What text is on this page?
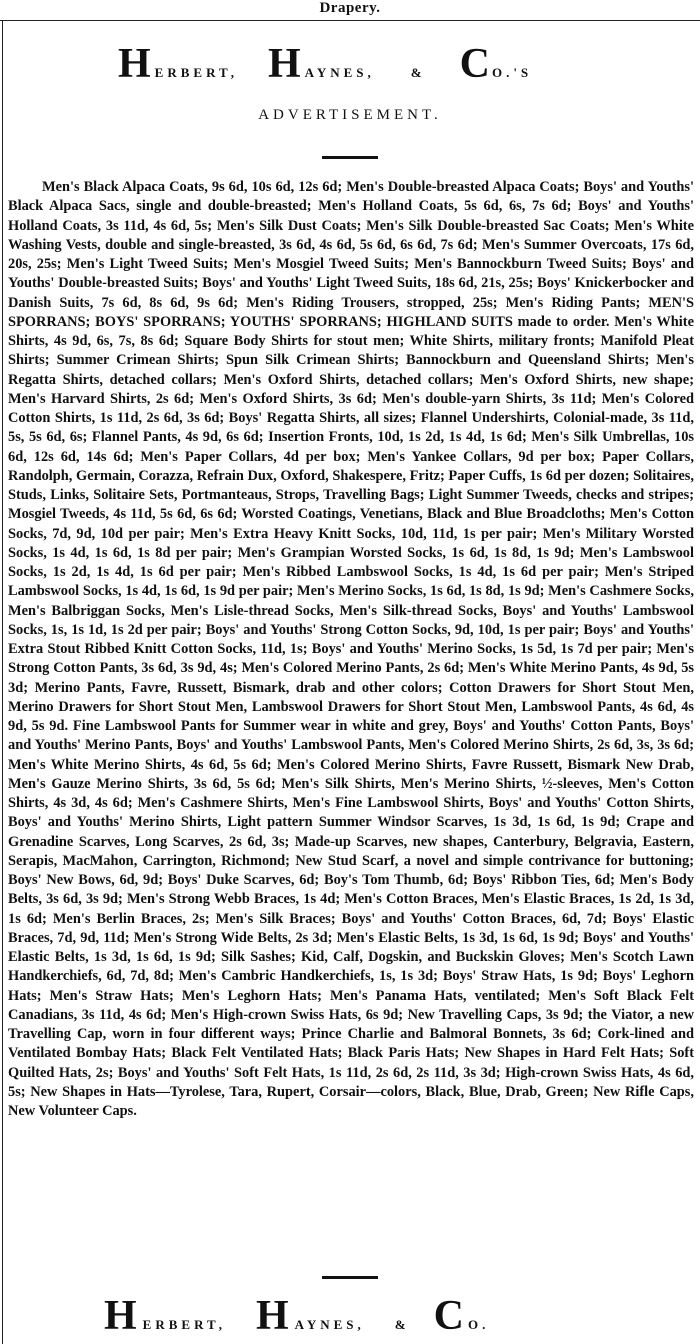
Drapery.
H ERBERT, H AYNES,	& C O.'S
ADVERTISEMENT.
Men's Black Alpaca Coats, 9s 6d, 10s 6d, 12s 6d; Men's Double-breasted Alpaca Coats; Boys' and Youths' Black Alpaca Sacs, single and double-breasted; Men's Holland Coats, 5s 6d, 6s, 7s 6d; Boys' and Youths' Holland Coats, 3s 11d, 4s 6d, 5s; Men's Silk Dust Coats; Men's Silk Double-breasted Sac Coats; Men's White Washing Vests, double and single-breasted, 3s 6d, 4s 6d, 5s 6d, 6s 6d, 7s 6d; Men's Summer Overcoats, 17s 6d, 20s, 25s; Men's Light Tweed Suits; Men's Mosgiel Tweed Suits; Men's Bannockburn Tweed Suits; Boys' and Youths' Double-breasted Suits; Boys' and Youths' Light Tweed Suits, 18s 6d, 21s, 25s; Boys' Knickerbocker and Danish Suits, 7s 6d, 8s 6d, 9s 6d; Men's Riding Trousers, stropped, 25s; Men's Riding Pants; MEN'S SPORRANS; BOYS' SPORRANS; YOUTHS' SPORRANS; HIGHLAND SUITS made to order. Men's White Shirts, 4s 9d, 6s, 7s, 8s 6d; Square Body Shirts for stout men; White Shirts, military fronts; Manifold Pleat Shirts; Summer Crimean Shirts; Spun Silk Crimean Shirts; Bannockburn and Queensland Shirts; Men's Regatta Shirts, detached collars; Men's Oxford Shirts, detached collars; Men's Oxford Shirts, new shape; Men's Harvard Shirts, 2s 6d; Men's Oxford Shirts, 3s 6d; Men's double-yarn Shirts, 3s 11d; Men's Colored Cotton Shirts, 1s 11d, 2s 6d, 3s 6d; Boys' Regatta Shirts, all sizes; Flannel Undershirts, Colonial-made, 3s 11d, 5s, 5s 6d, 6s; Flannel Pants, 4s 9d, 6s 6d; Insertion Fronts, 10d, 1s 2d, 1s 4d, 1s 6d; Men's Silk Umbrellas, 10s 6d, 12s 6d, 14s 6d; Men's Paper Collars, 4d per box; Men's Yankee Collars, 9d per box; Paper Collars, Randolph, Germain, Corazza, Refrain Dux, Oxford, Shakespere, Fritz; Paper Cuffs, 1s 6d per dozen; Solitaires, Studs, Links, Solitaire Sets, Portmanteaus, Strops, Travelling Bags; Light Summer Tweeds, checks and stripes; Mosgiel Tweeds, 4s 11d, 5s 6d, 6s 6d; Worsted Coatings, Venetians, Black and Blue Broadcloths; Men's Cotton Socks, 7d, 9d, 10d per pair; Men's Extra Heavy Knitt Socks, 10d, 11d, 1s per pair; Men's Military Worsted Socks, 1s 4d, 1s 6d, 1s 8d per pair; Men's Grampian Worsted Socks, 1s 6d, 1s 8d, 1s 9d; Men's Lambswool Socks, 1s 2d, 1s 4d, 1s 6d per pair; Men's Ribbed Lambswool Socks, 1s 4d, 1s 6d per pair; Men's Striped Lambswool Socks, 1s 4d, 1s 6d, 1s 9d per pair; Men's Merino Socks, 1s 6d, 1s 8d, 1s 9d; Men's Cashmere Socks, Men's Balbriggan Socks, Men's Lisle-thread Socks, Men's Silk-thread Socks, Boys' and Youths' Lambswool Socks, 1s, 1s 1d, 1s 2d per pair; Boys' and Youths' Strong Cotton Socks, 9d, 10d, 1s per pair; Boys' and Youths' Extra Stout Ribbed Knitt Cotton Socks, 11d, 1s; Boys' and Youths' Merino Socks, 1s 5d, 1s 7d per pair; Men's Strong Cotton Pants, 3s 6d, 3s 9d, 4s; Men's Colored Merino Pants, 2s 6d; Men's White Merino Pants, 4s 9d, 5s 3d; Merino Pants, Favre, Russett, Bismark, drab and other colors; Cotton Drawers for Short Stout Men, Merino Drawers for Short Stout Men, Lambswool Drawers for Short Stout Men, Lambswool Pants, 4s 6d, 4s 9d, 5s 9d. Fine Lambswool Pants for Summer wear in white and grey, Boys' and Youths' Cotton Pants, Boys' and Youths' Merino Pants, Boys' and Youths' Lambswool Pants, Men's Colored Merino Shirts, 2s 6d, 3s, 3s 6d; Men's White Merino Shirts, 4s 6d, 5s 6d; Men's Colored Merino Shirts, Favre Russett, Bismark New Drab, Men's Gauze Merino Shirts, 3s 6d, 5s 6d; Men's Silk Shirts, Men's Merino Shirts, ½-sleeves, Men's Cotton Shirts, 4s 3d, 4s 6d; Men's Cashmere Shirts, Men's Fine Lambswool Shirts, Boys' and Youths' Cotton Shirts, Boys' and Youths' Merino Shirts, Light pattern Summer Windsor Scarves, 1s 3d, 1s 6d, 1s 9d; Crape and Grenadine Scarves, Long Scarves, 2s 6d, 3s; Made-up Scarves, new shapes, Canterbury, Belgravia, Eastern, Serapis, MacMahon, Carrington, Richmond; New Stud Scarf, a novel and simple contrivance for buttoning; Boys' New Bows, 6d, 9d; Boys' Duke Scarves, 6d; Boy's Tom Thumb, 6d; Boys' Ribbon Ties, 6d; Men's Body Belts, 3s 6d, 3s 9d; Men's Strong Webb Braces, 1s 4d; Men's Cotton Braces, Men's Elastic Braces, 1s 2d, 1s 3d, 1s 6d; Men's Berlin Braces, 2s; Men's Silk Braces; Boys' and Youths' Cotton Braces, 6d, 7d; Boys' Elastic Braces, 7d, 9d, 11d; Men's Strong Wide Belts, 2s 3d; Men's Elastic Belts, 1s 3d, 1s 6d, 1s 9d; Boys' and Youths' Elastic Belts, 1s 3d, 1s 6d, 1s 9d; Silk Sashes; Kid, Calf, Dogskin, and Buckskin Gloves; Men's Scotch Lawn Handkerchiefs, 6d, 7d, 8d; Men's Cambric Handkerchiefs, 1s, 1s 3d; Boys' Straw Hats, 1s 9d; Boys' Leghorn Hats; Men's Straw Hats; Men's Leghorn Hats; Men's Panama Hats, ventilated; Men's Soft Black Felt Canadians, 3s 11d, 4s 6d; Men's High-crown Swiss Hats, 6s 9d; New Travelling Caps, 3s 9d; the Viator, a new Travelling Cap, worn in four different ways; Prince Charlie and Balmoral Bonnets, 3s 6d; Cork-lined and Ventilated Bombay Hats; Black Felt Ventilated Hats; Black Paris Hats; New Shapes in Hard Felt Hats; Soft Quilted Hats, 2s; Boys' and Youths' Soft Felt Hats, 1s 11d, 2s 6d, 2s 11d, 3s 3d; High-crown Swiss Hats, 4s 6d, 5s; New Shapes in Hats—Tyrolese, Tara, Rupert, Corsair—colors, Black, Blue, Drab, Green; New Rifle Caps, New Volunteer Caps.
H ERBERT, H AYNES, & C O.
